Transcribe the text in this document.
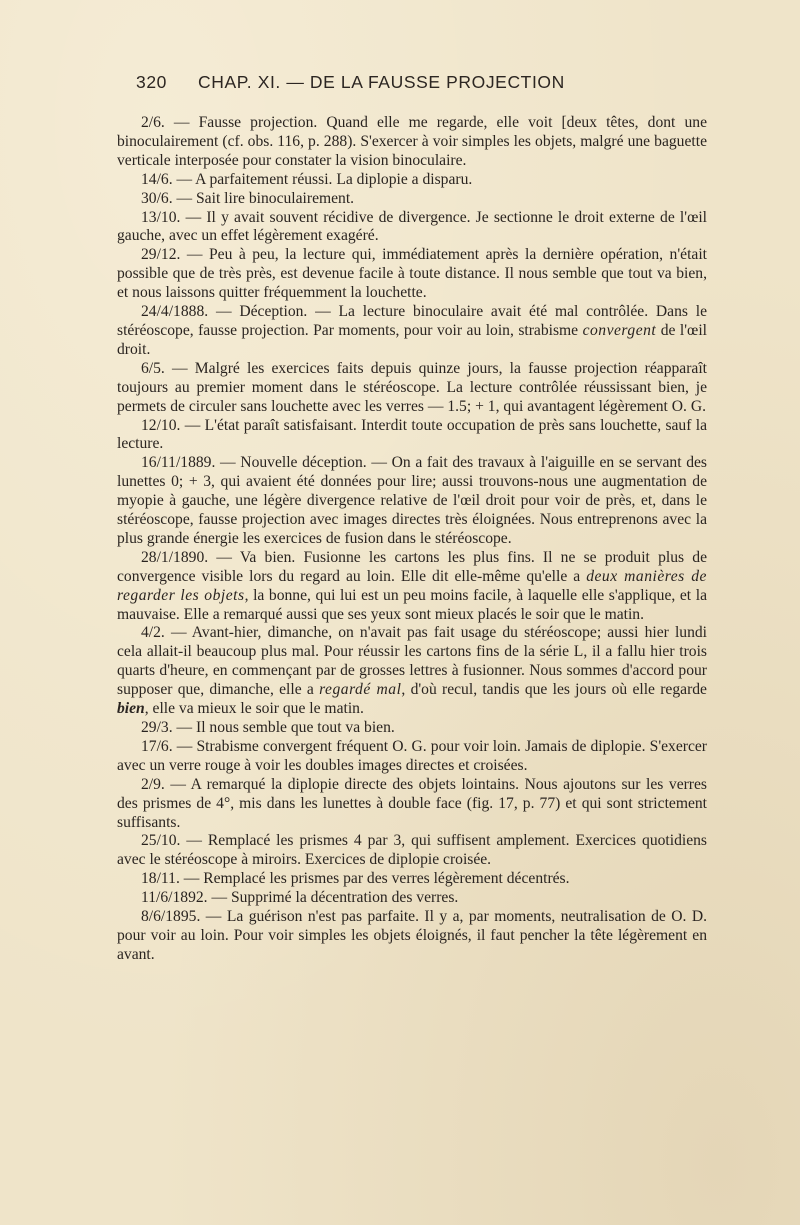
320 CHAP. XI. — DE LA FAUSSE PROJECTION

2/6. — Fausse projection. Quand elle me regarde, elle voit [deux têtes, dont une binoculairement (cf. obs. 116, p. 288). S'exercer à voir simples les objets, malgré une baguette verticale interposée pour constater la vision binoculaire.

14/6. — A parfaitement réussi. La diplopie a disparu.

30/6. — Sait lire binoculairement.

13/10. — Il y avait souvent récidive de divergence. Je sectionne le droit externe de l'œil gauche, avec un effet légèrement exagéré.

29/12. — Peu à peu, la lecture qui, immédiatement après la dernière opération, n'était possible que de très près, est devenue facile à toute distance. Il nous semble que tout va bien, et nous laissons quitter fréquemment la louchette.

24/4/1888. — Déception. — La lecture binoculaire avait été mal contrôlée. Dans le stéréoscope, fausse projection. Par moments, pour voir au loin, strabisme convergent de l'œil droit.

6/5. — Malgré les exercices faits depuis quinze jours, la fausse projection réapparaît toujours au premier moment dans le stéréoscope. La lecture contrôlée réussissant bien, je permets de circuler sans louchette avec les verres — 1.5; + 1, qui avantagent légèrement O. G.

12/10. — L'état paraît satisfaisant. Interdit toute occupation de près sans louchette, sauf la lecture.

16/11/1889. — Nouvelle déception. — On a fait des travaux à l'aiguille en se servant des lunettes 0; + 3, qui avaient été données pour lire; aussi trouvons-nous une augmentation de myopie à gauche, une légère divergence relative de l'œil droit pour voir de près, et, dans le stéréoscope, fausse projection avec images directes très éloignées. Nous entreprenons avec la plus grande énergie les exercices de fusion dans le stéréoscope.

28/1/1890. — Va bien. Fusionne les cartons les plus fins. Il ne se produit plus de convergence visible lors du regard au loin. Elle dit elle-même qu'elle a deux manières de regarder les objets, la bonne, qui lui est un peu moins facile, à laquelle elle s'applique, et la mauvaise. Elle a remarqué aussi que ses yeux sont mieux placés le soir que le matin.

4/2. — Avant-hier, dimanche, on n'avait pas fait usage du stéréoscope; aussi hier lundi cela allait-il beaucoup plus mal. Pour réussir les cartons fins de la série L, il a fallu hier trois quarts d'heure, en commençant par de grosses lettres à fusionner. Nous sommes d'accord pour supposer que, dimanche, elle a regardé mal, d'où recul, tandis que les jours où elle regarde bien, elle va mieux le soir que le matin.

29/3. — Il nous semble que tout va bien.

17/6. — Strabisme convergent fréquent O. G. pour voir loin. Jamais de diplopie. S'exercer avec un verre rouge à voir les doubles images directes et croisées.

2/9. — A remarqué la diplopie directe des objets lointains. Nous ajoutons sur les verres des prismes de 4°, mis dans les lunettes à double face (fig. 17, p. 77) et qui sont strictement suffisants.

25/10. — Remplacé les prismes 4 par 3, qui suffisent amplement. Exercices quotidiens avec le stéréoscope à miroirs. Exercices de diplopie croisée.

18/11. — Remplacé les prismes par des verres légèrement décentrés.

11/6/1892. — Supprimé la décentration des verres.

8/6/1895. — La guérison n'est pas parfaite. Il y a, par moments, neutralisation de O. D. pour voir au loin. Pour voir simples les objets éloignés, il faut pencher la tête légèrement en avant.
